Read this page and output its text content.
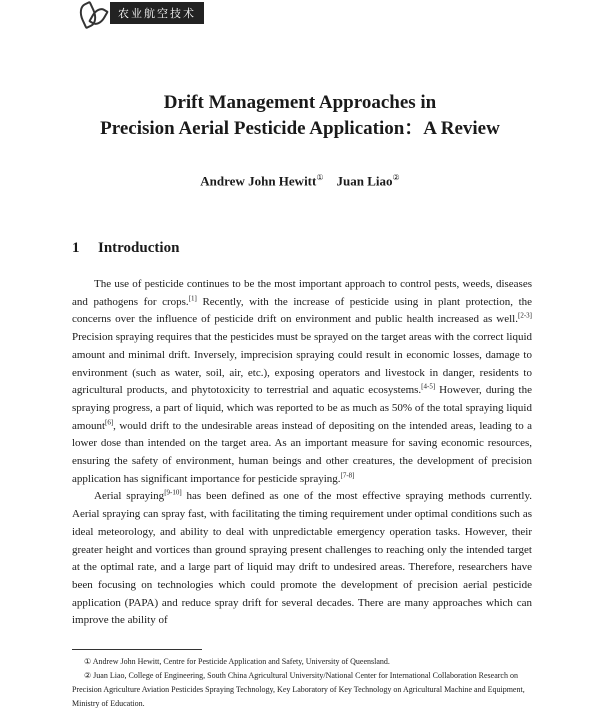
农业航空技术
Drift Management Approaches in
Precision Aerial Pesticide Application：A Review
Andrew John Hewitt① Juan Liao②
1 Introduction

The use of pesticide continues to be the most important approach to control pests, weeds, diseases and pathogens for crops.[1] Recently, with the increase of pesticide using in plant protection, the concerns over the influence of pesticide drift on environment and public health increased as well.[2-3] Precision spraying requires that the pesticides must be sprayed on the target areas with the correct liquid amount and minimal drift. Inversely, imprecision spraying could result in economic losses, damage to environment (such as water, soil, air, etc.), exposing operators and livestock in danger, residents to agricultural products, and phytotoxicity to terrestrial and aquatic ecosystems.[4-5] However, during the spraying progress, a part of liquid, which was reported to be as much as 50% of the total spraying liquid amount[6], would drift to the undesirable areas instead of depositing on the intended areas, leading to a lower dose than intended on the target area. As an important measure for saving economic resources, ensuring the safety of environment, human beings and other creatures, the development of precision application has significant importance for pesticide spraying.[7-8]

Aerial spraying[9-10] has been defined as one of the most effective spraying methods currently. Aerial spraying can spray fast, with facilitating the timing requirement under optimal conditions such as ideal meteorology, and ability to deal with unpredictable emergency operation tasks. However, their greater height and vortices than ground spraying present challenges to reaching only the intended target at the optimal rate, and a large part of liquid may drift to undesired areas. Therefore, researchers have been focusing on technologies which could promote the development of precision aerial pesticide application (PAPA) and reduce spray drift for several decades. There are many approaches which can improve the ability of

① Andrew John Hewitt, Centre for Pesticide Application and Safety, University of Queensland.

② Juan Liao, College of Engineering, South China Agricultural University/National Center for International Collaboration Research on Precision Agriculture Aviation Pesticides Spraying Technology, Key Laboratory of Key Technology on Agricultural Machine and Equipment, Ministry of Education.
